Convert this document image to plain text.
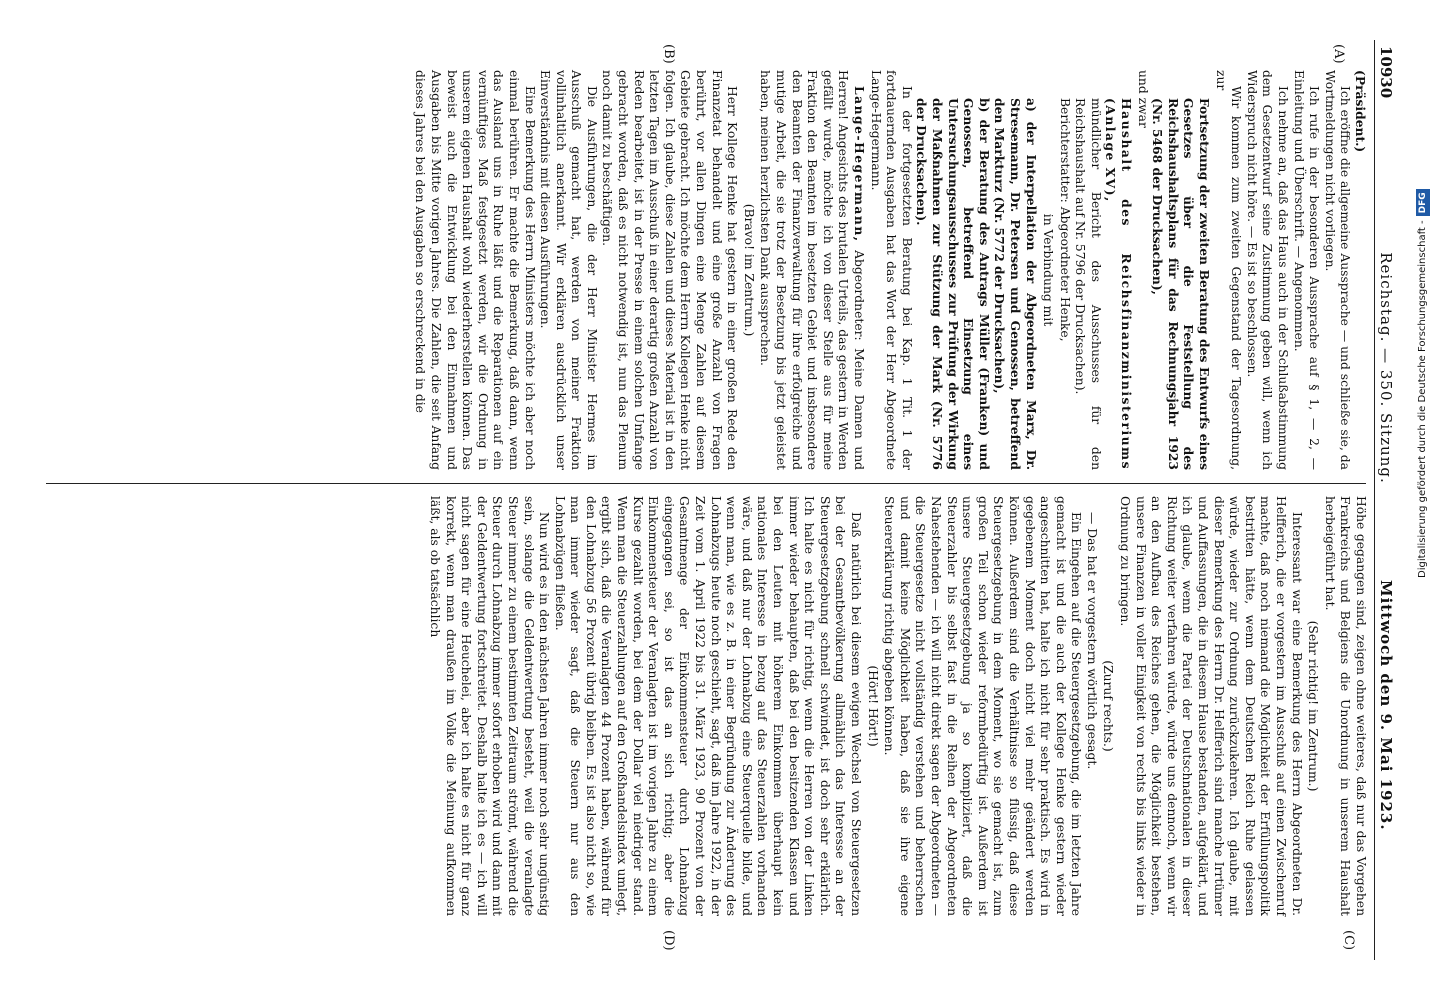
Digitalisierung gefördert durch die Deutsche Forschungsgemeinschaft -DFG
10930
Reichstag. — 350. Sitzung.
Mittwoch den 9. Mai 1923.
(A)
(B)
(C)
(D)

(Präsident.)

Ich eröffne die allgemeine Aussprache — und schließe sie, da Wortmeldungen nicht vorliegen.

Ich rufe in der besonderen Aussprache auf § 1, — 2, — Einleitung und Überschrift. — Angenommen.

Ich nehme an, daß das Haus auch in der Schlußabstimmung dem Gesetzentwurf seine Zustimmung geben will, wenn ich Widerspruch nicht höre. — Es ist so beschlossen.

Wir kommen zum zweiten Gegenstand der Tagesordnung, zur

Fortsetzung der zweiten Beratung des Entwurfs eines Gesetzes über die Feststellung des Reichshaushaltsplans für das Rechnungsjahr 1923 (Nr. 5468 der Drucksachen),

und zwar

Haushalt des Reichsfinanzministeriums (Anlage XV),

mündlicher Bericht des Ausschusses für den Reichshaushalt auf Nr. 5796 der Drucksachen).

Berichterstatter: Abgeordneter Henke,

in Verbindung mit

a) der Interpellation der Abgeordneten Marx, Dr. Stresemann, Dr. Petersen und Genossen, betreffend den Markturz (Nr. 5772 der Drucksachen),

b) der Beratung des Antrags Müller (Franken) und Genossen, betreffend Einsetzung eines Untersuchungsausschusses zur Prüfung der Wirkung der Maßnahmen zur Stützung der Mark (Nr. 5776 der Drucksachen).

In der fortgesetzten Beratung bei Kap. 1 Tit. 1 der fortdauernden Ausgaben hat das Wort der Herr Abgeordnete Lange-Hegermann.

Lange-Hegermann, Abgeordneter: Meine Damen und Herren! Angesichts des brutalen Urteils, das gestern in Werden gefällt wurde, möchte ich von dieser Stelle aus für meine Fraktion den Beamten im besetzten Gebiet und insbesondere den Beamten der Finanzverwaltung für ihre erfolgreiche und mutige Arbeit, die sie trotz der Besetzung bis jetzt geleistet haben, meinen herzlichsten Dank aussprechen.

(Bravo! im Zentrum.)

Herr Kollege Henke hat gestern in einer großen Rede den Finanzetat behandelt und eine große Anzahl von Fragen berührt, vor allen Dingen eine Menge Zahlen auf diesem Gebiete gebracht. Ich möchte dem Herrn Kollegen Henke nicht folgen. Ich glaube, diese Zahlen und dieses Material ist in den letzten Tagen im Ausschuß in einer derartig großen Anzahl von Reden bearbeitet, ist in der Presse in einem solchen Umfange gebracht worden, daß es nicht notwendig ist, nun das Plenum noch damit zu beschäftigen.

Die Ausführungen, die der Herr Minister Hermes im Ausschuß gemacht hat, werden von meiner Fraktion vollinhaltlich anerkannt. Wir erklären ausdrücklich unser Einverständnis mit diesen Ausführungen.

Eine Bemerkung des Herrn Ministers möchte ich aber noch einmal berühren. Er machte die Bemerkung, daß dann, wenn das Ausland uns in Ruhe läßt und die Reparationen auf ein vernünftiges Maß festgesetzt werden, wir die Ordnung in unserem eigenen Haushalt wohl wiederherstellen können. Das beweist auch die Entwicklung bei den Einnahmen und Ausgaben bis Mitte vorigen Jahres. Die Zahlen, die seit Anfang dieses Jahres bei den Ausgaben so erschreckend in die

Höhe gegangen sind, zeigen ohne weiteres, daß nur das Vorgehen Frankreichs und Belgiens die Unordnung in unserem Haushalt herbeigeführt hat.

(Sehr richtig! im Zentrum.)

Interessant war eine Bemerkung des Herrn Abgeordneten Dr. Helfferich, die er vorgestern im Ausschuß auf einen Zwischenruf machte, daß noch niemand die Möglichkeit der Erfüllungspolitik bestritten hätte, wenn dem Deutschen Reich Ruhe gelassen würde, wieder zur Ordnung zurückzukehren. Ich glaube, mit dieser Bemerkung des Herrn Dr. Helfferich sind manche Irrtümer und Auffassungen, die in diesem Hause bestanden, aufgeklärt, und ich glaube, wenn die Partei der Deutschnationalen in dieser Richtung weiter verfahren würde, würde uns dennoch, wenn wir an den Aufbau des Reiches gehen, die Möglichkeit bestehen, unsere Finanzen in voller Einigkeit von rechts bis links wieder in Ordnung zu bringen.

(Zuruf rechts.)

— Das hat er vorgestern wörtlich gesagt.

Ein Eingehen auf die Steuergesetzgebung, die im letzten Jahre gemacht ist und die auch der Kollege Henke gestern wieder angeschnitten hat, halte ich nicht für sehr praktisch. Es wird in gegebenem Moment doch nicht viel mehr geändert werden können. Außerdem sind die Verhältnisse so flüssig, daß diese Steuergesetzgebung in dem Moment, wo sie gemacht ist, zum großen Teil schon wieder reformbedürftig ist. Außerdem ist unsere Steuergesetzgebung ja so kompliziert, daß die Steuerzahler bis selbst fast in die Reihen der Abgeordneten Nahestehenden — ich will nicht direkt sagen der Abgeordneten — die Steuergesetze nicht vollständig verstehen und beherrschen und damit keine Möglichkeit haben, daß sie ihre eigene Steuererklärung richtig abgeben können.

(Hört! Hört!)

Daß natürlich bei diesem ewigen Wechsel von Steuergesetzen bei der Gesamtbevölkerung allmählich das Interesse an der Steuergesetzgebung schnell schwindet, ist doch sehr erklärlich. Ich halte es nicht für richtig, wenn die Herren von der Linken immer wieder behaupten, daß bei den besitzenden Klassen und bei den Leuten mit höherem Einkommen überhaupt kein nationales Interesse in bezug auf das Steuerzahlen vorhanden wäre, und daß nur der Lohnabzug eine Steuerquelle bilde, und wenn man, wie es z. B. in einer Begründung zur Änderung des Lohnabzugs heute noch geschieht, sagt, daß im Jahre 1922, in der Zeit vom 1. April 1922 bis 31. März 1923, 90 Prozent von der Gesamtmenge der Einkommensteuer durch Lohnabzug eingegangen sei, so ist das an sich richtig; aber die Einkommensteuer der Veranlagten ist im vorigen Jahre zu einem Kurse gezahlt worden, bei dem der Dollar viel niedriger stand. Wenn man die Steuerzahlungen auf den Großhandelsindex umlegt, ergibt sich, daß die Veranlagten 44 Prozent haben, während für den Lohnabzug 56 Prozent übrig bleiben. Es ist also nicht so, wie man immer wieder sagt, daß die Steuern nur aus den Lohnabzügen fließen.

Nun wird es in den nächsten Jahren immer noch sehr ungünstig sein, solange die Geldentwertung besteht, weil die veranlagte Steuer immer zu einem bestimmten Zeitraum strömt, während die Steuer durch Lohnabzug immer sofort erhoben wird und dann mit der Geldentwertung fortschreitet. Deshalb halte ich es — ich will nicht sagen für eine Heuchelei, aber ich halte es nicht für ganz korrekt, wenn man draußen im Volke die Meinung aufkommen läßt, als ob tatsächlich
